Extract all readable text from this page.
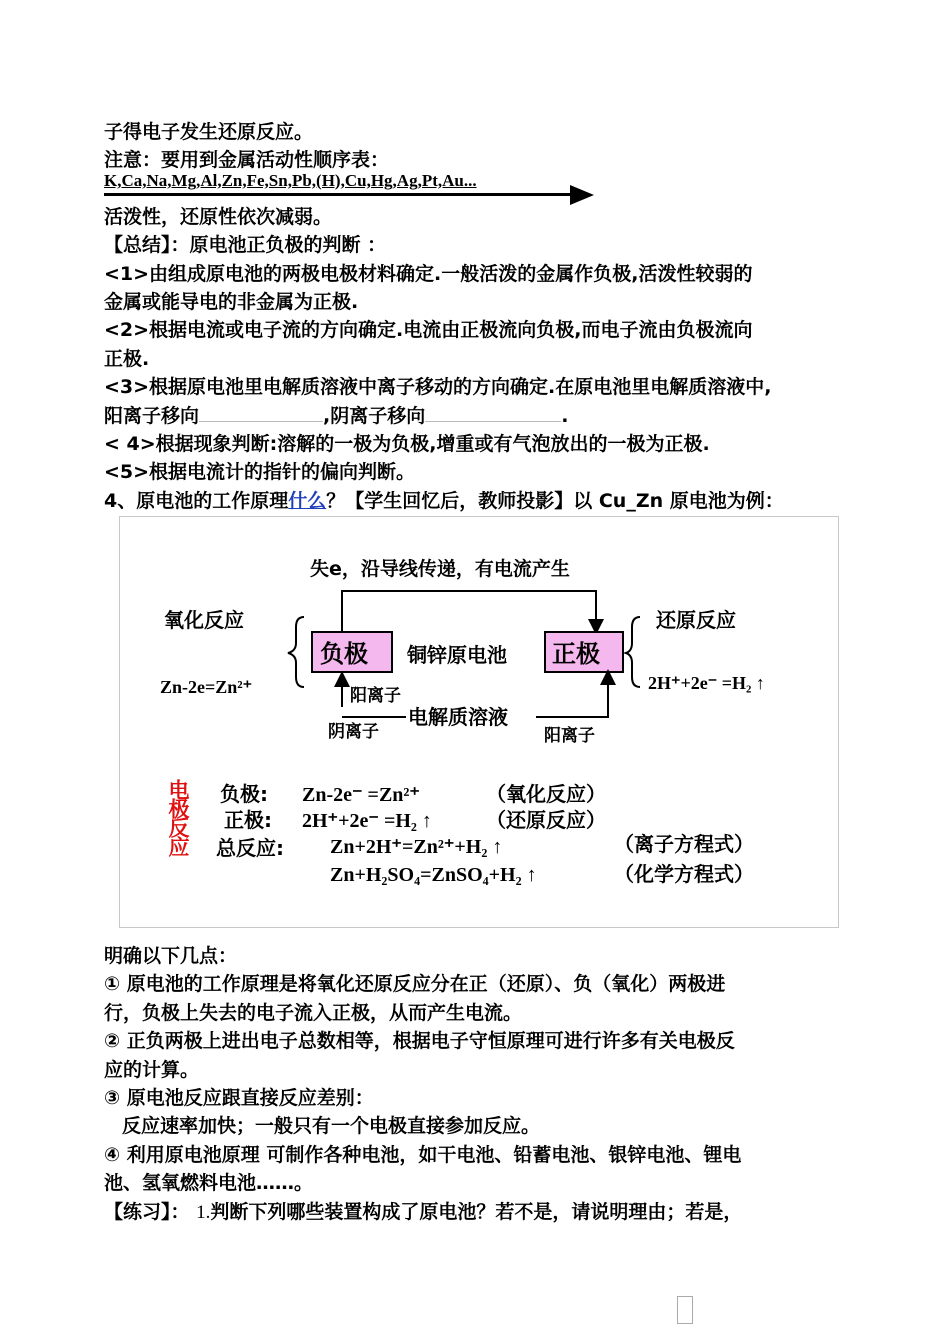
子得电子发生还原反应。
注意：要用到金属活动性顺序表：
K,Ca,Na,Mg,Al,Zn,Fe,Sn,Pb,(H),Cu,Hg,Ag,Pt,Au...
活泼性，还原性依次减弱。
【总结】：原电池正负极的判断 ：
<1>由组成原电池的两极电极材料确定.一般活泼的金属作负极,活泼性较弱的
金属或能导电的非金属为正极.
<2>根据电流或电子流的方向确定.电流由正极流向负极,而电子流由负极流向
正极.
<3>根据原电池里电解质溶液中离子移动的方向确定.在原电池里电解质溶液中,
阳离子移向	,阴离子移向	.
< 4>根据现象判断:溶解的一极为负极,增重或有气泡放出的一极为正极.
<5>根据电流计的指针的偏向判断。
4、原电池的工作原理什么？【学生回忆后，教师投影】以 Cu_Zn 原电池为例：
失e，沿导线传递，有电流产生
氧化反应
Zn-2e=Zn²⁺
负极 铜锌原电池 正极
还原反应
2H⁺+2e⁻ =H₂ ↑
阳离子
阴离子
电解质溶液
阳离子
电极反应 负极: Zn-2e⁻ =Zn²⁺	（氧化反应）
正极: 2H⁺+2e⁻ =H₂ ↑	（还原反应）
总反应: Zn+2H⁺=Zn²⁺+H₂ ↑	（离子方程式）
Zn+H₂SO₄=ZnSO₄+H₂ ↑	（化学方程式）
明确以下几点：
① 原电池的工作原理是将氧化还原反应分在正（还原）、负（氧化）两极进
行，负极上失去的电子流入正极，从而产生电流。
② 正负两极上进出电子总数相等，根据电子守恒原理可进行许多有关电极反
应的计算。
③ 原电池反应跟直接反应差别：
反应速率加快；一般只有一个电极直接参加反应。
④ 利用原电池原理 可制作各种电池，如干电池、铅蓄电池、银锌电池、锂电
池、氢氧燃料电池……。
【练习】： 1.判断下列哪些装置构成了原电池？若不是，请说明理由；若是，
